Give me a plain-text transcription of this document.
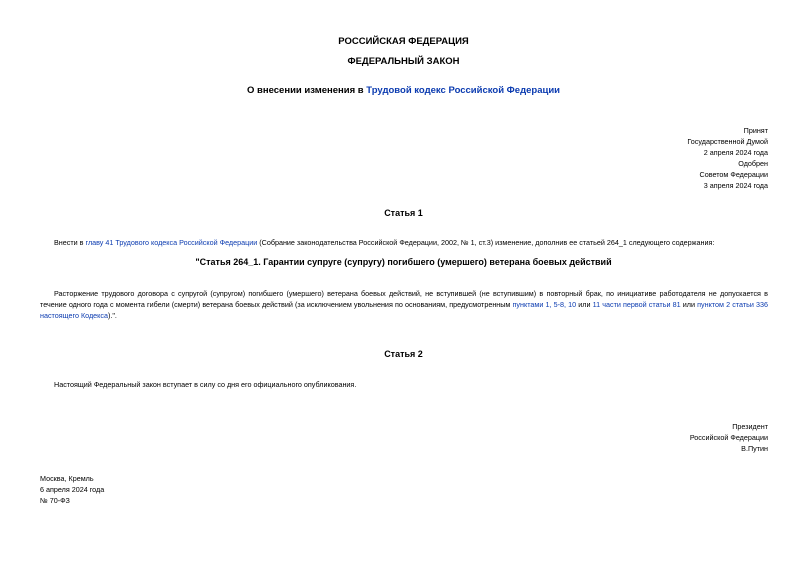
РОССИЙСКАЯ ФЕДЕРАЦИЯ
ФЕДЕРАЛЬНЫЙ ЗАКОН
О внесении изменения в Трудовой кодекс Российской Федерации
Принят
Государственной Думой
2 апреля 2024 года
Одобрен
Советом Федерации
3 апреля 2024 года
Статья 1
Внести в главу 41 Трудового кодекса Российской Федерации (Собрание законодательства Российской Федерации, 2002, № 1, ст.3) изменение, дополнив ее статьей 264_1 следующего содержания:
"Статья 264_1. Гарантии супруге (супругу) погибшего (умершего) ветерана боевых действий
Расторжение трудового договора с супругой (супругом) погибшего (умершего) ветерана боевых действий, не вступившей (не вступившим) в повторный брак, по инициативе работодателя не допускается в течение одного года с момента гибели (смерти) ветерана боевых действий (за исключением увольнения по основаниям, предусмотренным пунктами 1, 5-8, 10 или 11 части первой статьи 81 или пунктом 2 статьи 336 настоящего Кодекса).".
Статья 2
Настоящий Федеральный закон вступает в силу со дня его официального опубликования.
Президент
Российской Федерации
В.Путин
Москва, Кремль
6 апреля 2024 года
№ 70-ФЗ
